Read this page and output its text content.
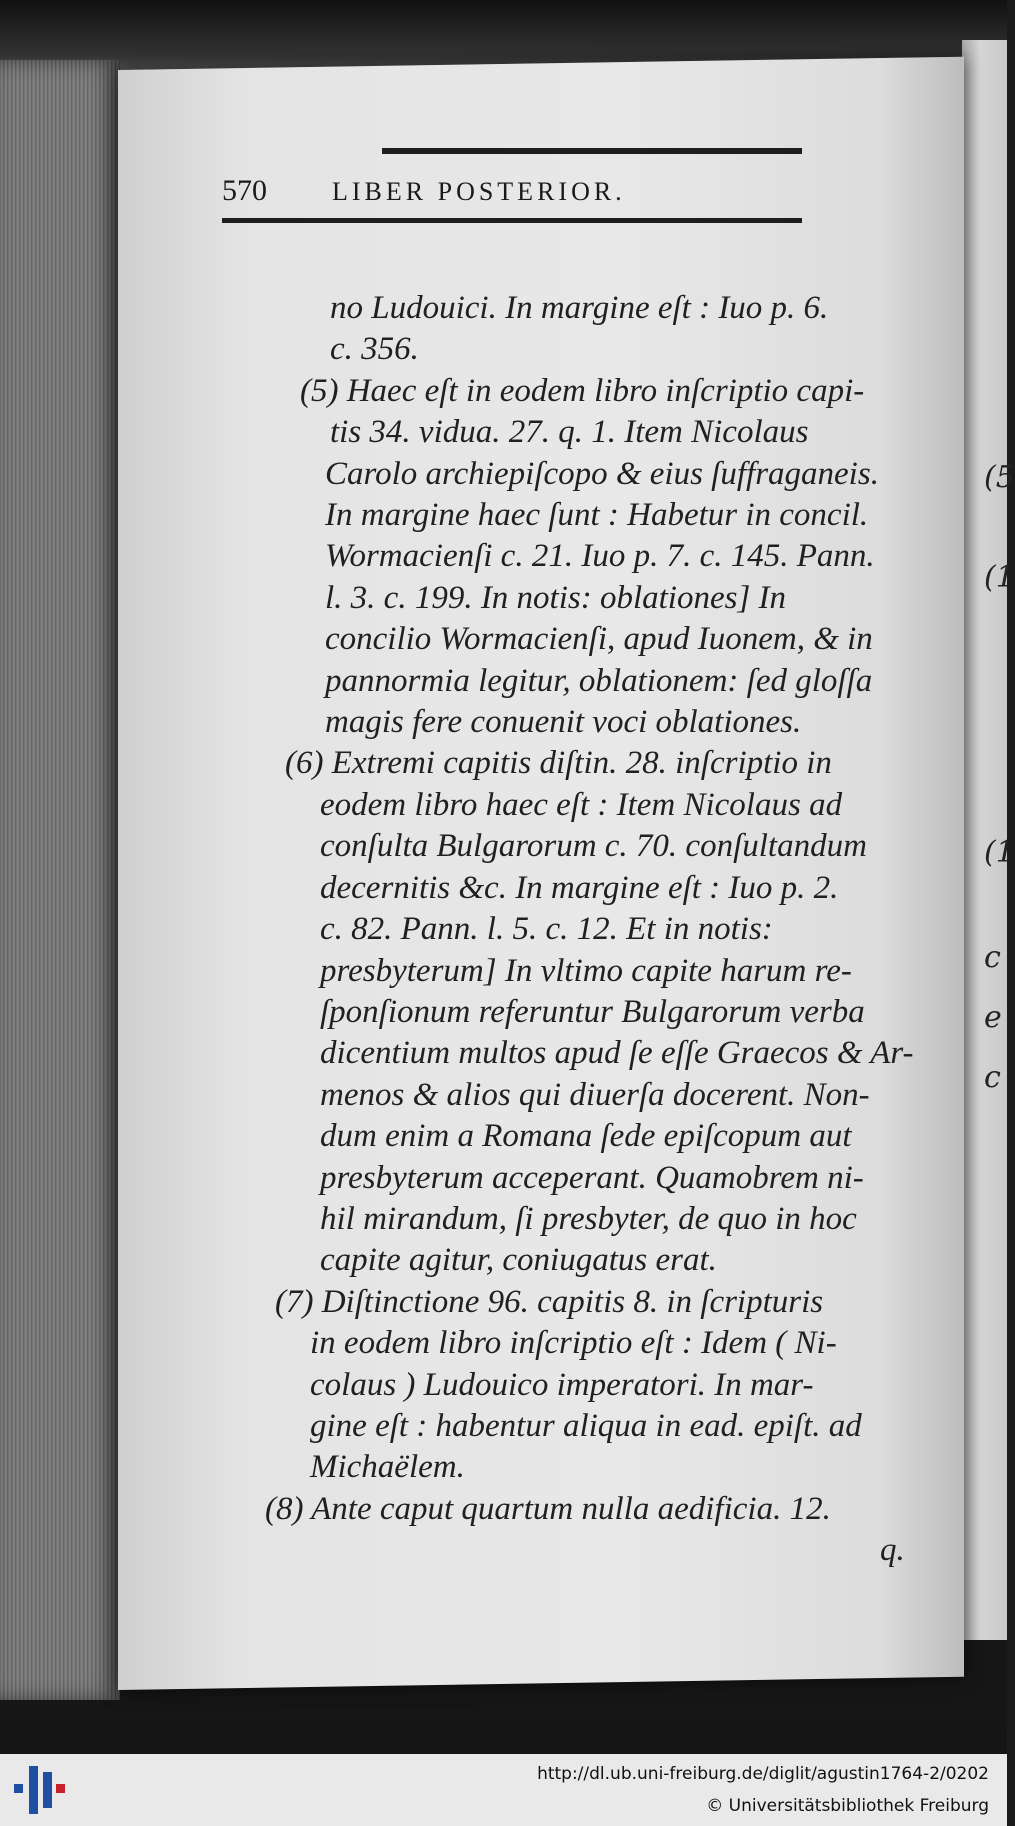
(5
(1
(1
c
e
c
570	LIBER POSTERIOR.
no Ludouici. In margine eſt : Iuo p. 6.
c. 356.
(5) Haec eſt in eodem libro inſcriptio capi-
tis 34. vidua. 27. q. 1. Item Nicolaus
Carolo archiepiſcopo & eius ſuffraganeis.
In margine haec ſunt : Habetur in concil.
Wormacienſi c. 21. Iuo p. 7. c. 145. Pann.
l. 3. c. 199. In notis: oblationes] In
concilio Wormacienſi, apud Iuonem, & in
pannormia legitur, oblationem: ſed gloſſa
magis fere conuenit voci oblationes.
(6) Extremi capitis diſtin. 28. inſcriptio in
eodem libro haec eſt : Item Nicolaus ad
conſulta Bulgarorum c. 70. conſultandum
decernitis &c. In margine eſt : Iuo p. 2.
c. 82. Pann. l. 5. c. 12. Et in notis:
presbyterum] In vltimo capite harum re-
ſponſionum referuntur Bulgarorum verba
dicentium multos apud ſe eſſe Graecos & Ar-
menos & alios qui diuerſa docerent. Non-
dum enim a Romana ſede epiſcopum aut
presbyterum acceperant. Quamobrem ni-
hil mirandum, ſi presbyter, de quo in hoc
capite agitur, coniugatus erat.
(7) Diſtinctione 96. capitis 8. in ſcripturis
in eodem libro inſcriptio eſt : Idem ( Ni-
colaus ) Ludouico imperatori. In mar-
gine eſt : habentur aliqua in ead. epiſt. ad
Michaëlem.
(8) Ante caput quartum nulla aedificia. 12.
q.
http://dl.ub.uni-freiburg.de/diglit/agustin1764-2/0202
© Universitätsbibliothek Freiburg
